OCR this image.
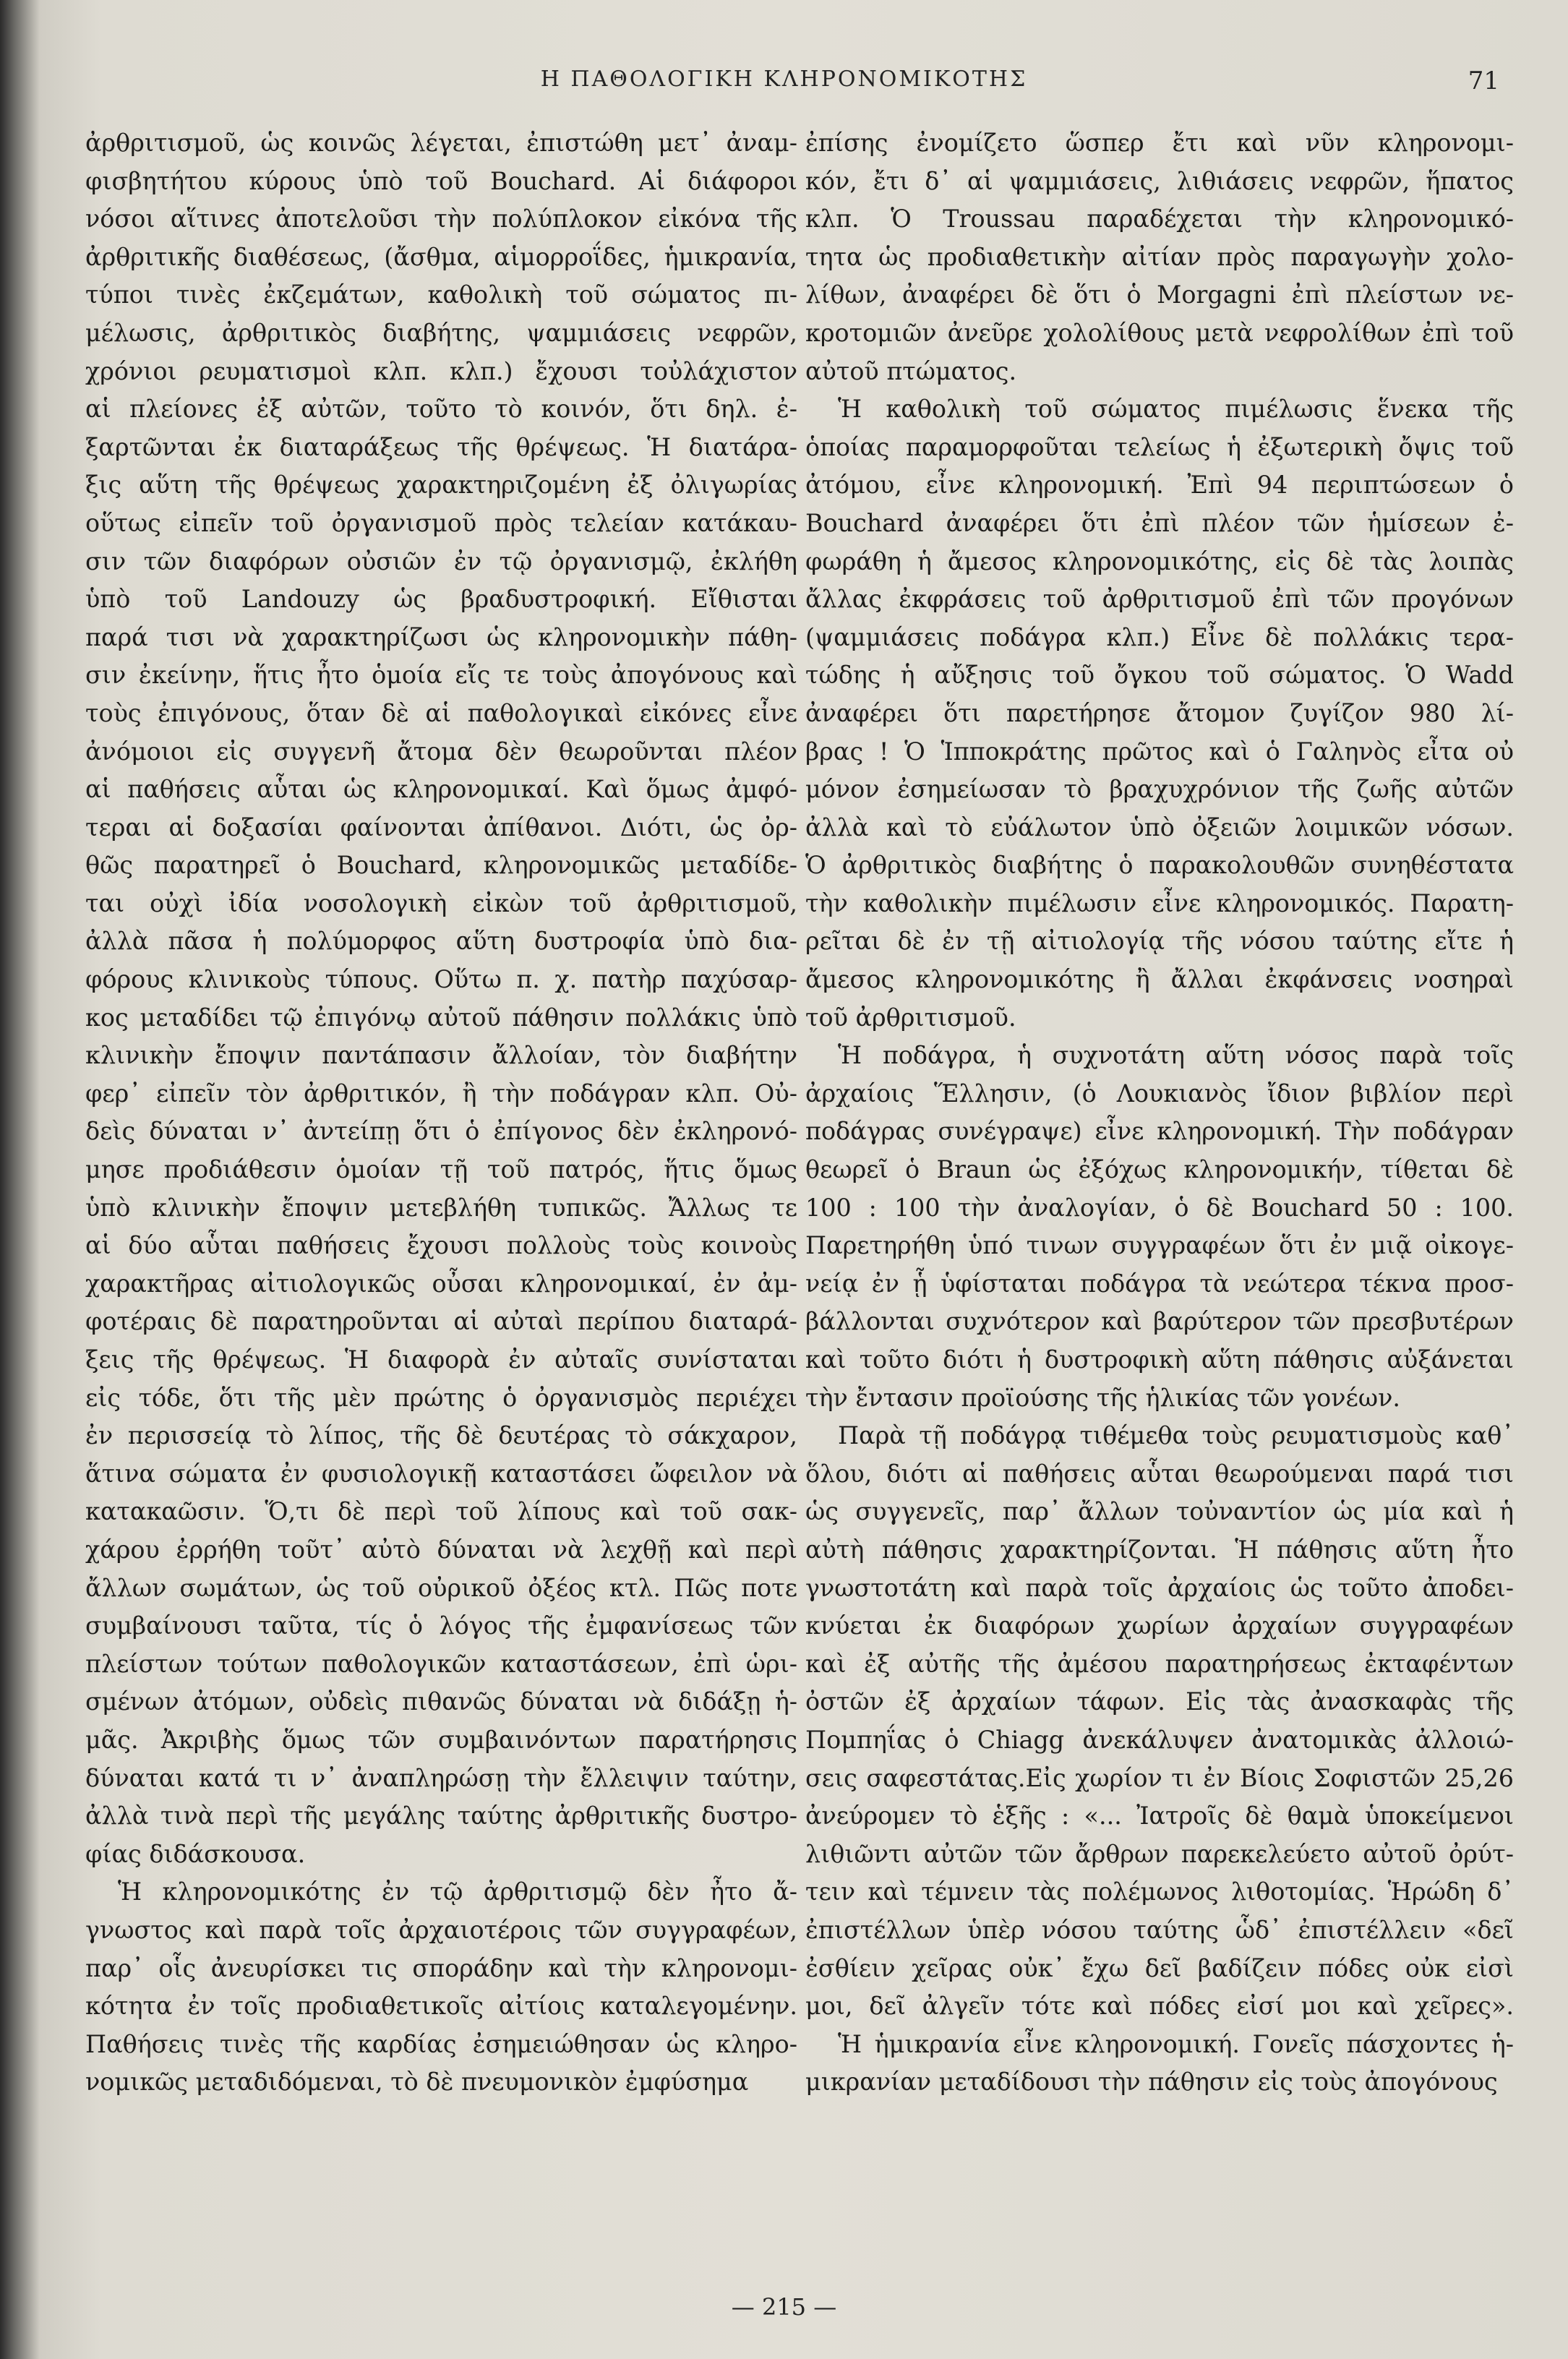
Η ΠΑΘΟΛΟΓΙΚΗ ΚΛΗΡΟΝΟΜΙΚΟΤΗΣ	71
ἀρθριτισμοῦ, ὡς κοινῶς λέγεται, ἐπιστώθη μετ᾽ ἀναμ-
φισβητήτου κύρους ὑπὸ τοῦ Bouchard. Αἱ διάφοροι
νόσοι αἵτινες ἀποτελοῦσι τὴν πολύπλοκον εἰκόνα τῆς
ἀρθριτικῆς διαθέσεως, (ἄσθμα, αἱμορροΐδες, ἡμικρανία,
τύποι τινὲς ἐκζεμάτων, καθολικὴ τοῦ σώματος πι-
μέλωσις, ἀρθριτικὸς διαβήτης, ψαμμιάσεις νεφρῶν,
χρόνιοι ρευματισμοὶ κλπ. κλπ.) ἔχουσι τοὐλάχιστον
αἱ πλείονες ἐξ αὐτῶν, τοῦτο τὸ κοινόν, ὅτι δηλ. ἐ-
ξαρτῶνται ἐκ διαταράξεως τῆς θρέψεως. Ἡ διατάρα-
ξις αὕτη τῆς θρέψεως χαρακτηριζομένη ἐξ ὀλιγωρίας
οὕτως εἰπεῖν τοῦ ὀργανισμοῦ πρὸς τελείαν κατάκαυ-
σιν τῶν διαφόρων οὐσιῶν ἐν τῷ ὀργανισμῷ, ἐκλήθη
ὑπὸ τοῦ Landouzy ὡς βραδυστροφική. Εἴθισται
παρά τισι νὰ χαρακτηρίζωσι ὡς κληρονομικὴν πάθη-
σιν ἐκείνην, ἥτις ἦτο ὁμοία εἴς τε τοὺς ἀπογόνους καὶ
τοὺς ἐπιγόνους, ὅταν δὲ αἱ παθολογικαὶ εἰκόνες εἶνε
ἀνόμοιοι εἰς συγγενῆ ἄτομα δὲν θεωροῦνται πλέον
αἱ παθήσεις αὗται ὡς κληρονομικαί. Καὶ ὅμως ἀμφό-
τεραι αἱ δοξασίαι φαίνονται ἀπίθανοι. Διότι, ὡς ὀρ-
θῶς παρατηρεῖ ὁ Bouchard, κληρονομικῶς μεταδίδε-
ται οὐχὶ ἰδία νοσολογικὴ εἰκὼν τοῦ ἀρθριτισμοῦ,
ἀλλὰ πᾶσα ἡ πολύμορφος αὕτη δυστροφία ὑπὸ δια-
φόρους κλινικοὺς τύπους. Οὕτω π. χ. πατὴρ παχύσαρ-
κος μεταδίδει τῷ ἐπιγόνῳ αὐτοῦ πάθησιν πολλάκις ὑπὸ
κλινικὴν ἔποψιν παντάπασιν ἄλλοίαν, τὸν διαβήτην
φερ᾽ εἰπεῖν τὸν ἀρθριτικόν, ἢ τὴν ποδάγραν κλπ. Οὐ-
δεὶς δύναται ν᾽ ἀντείπῃ ὅτι ὁ ἐπίγονος δὲν ἐκληρονό-
μησε προδιάθεσιν ὁμοίαν τῇ τοῦ πατρός, ἥτις ὅμως
ὑπὸ κλινικὴν ἔποψιν μετεβλήθη τυπικῶς. Ἄλλως τε
αἱ δύο αὗται παθήσεις ἔχουσι πολλοὺς τοὺς κοινοὺς
χαρακτῆρας αἰτιολογικῶς οὖσαι κληρονομικαί, ἐν ἀμ-
φοτέραις δὲ παρατηροῦνται αἱ αὐταὶ περίπου διαταρά-
ξεις τῆς θρέψεως. Ἡ διαφορὰ ἐν αὐταῖς συνίσταται
εἰς τόδε, ὅτι τῆς μὲν πρώτης ὁ ὀργανισμὸς περιέχει
ἐν περισσείᾳ τὸ λίπος, τῆς δὲ δευτέρας τὸ σάκχαρον,
ἅτινα σώματα ἐν φυσιολογικῇ καταστάσει ὤφειλον νὰ
κατακαῶσιν. Ὅ,τι δὲ περὶ τοῦ λίπους καὶ τοῦ σακ-
χάρου ἐρρήθη τοῦτ᾽ αὐτὸ δύναται νὰ λεχθῇ καὶ περὶ
ἄλλων σωμάτων, ὡς τοῦ οὐρικοῦ ὀξέος κτλ. Πῶς ποτε
συμβαίνουσι ταῦτα, τίς ὁ λόγος τῆς ἐμφανίσεως τῶν
πλείστων τούτων παθολογικῶν καταστάσεων, ἐπὶ ὡρι-
σμένων ἀτόμων, οὐδεὶς πιθανῶς δύναται νὰ διδάξῃ ἡ-
μᾶς. Ἀκριβὴς ὅμως τῶν συμβαινόντων παρατήρησις
δύναται κατά τι ν᾽ ἀναπληρώσῃ τὴν ἔλλειψιν ταύτην,
ἀλλὰ τινὰ περὶ τῆς μεγάλης ταύτης ἀρθριτικῆς δυστρο-
φίας διδάσκουσα.
Ἡ κληρονομικότης ἐν τῷ ἀρθριτισμῷ δὲν ἦτο ἄ-
γνωστος καὶ παρὰ τοῖς ἀρχαιοτέροις τῶν συγγραφέων,
παρ᾽ οἷς ἀνευρίσκει τις σποράδην καὶ τὴν κληρονομι-
κότητα ἐν τοῖς προδιαθετικοῖς αἰτίοις καταλεγομένην.
Παθήσεις τινὲς τῆς καρδίας ἐσημειώθησαν ὡς κληρο-
νομικῶς μεταδιδόμεναι, τὸ δὲ πνευμονικὸν ἐμφύσημα
ἐπίσης ἐνομίζετο ὥσπερ ἔτι καὶ νῦν κληρονομι-
κόν, ἔτι δ᾽ αἱ ψαμμιάσεις, λιθιάσεις νεφρῶν, ἥπατος
κλπ. Ὁ Troussau παραδέχεται τὴν κληρονομικό-
τητα ὡς προδιαθετικὴν αἰτίαν πρὸς παραγωγὴν χολο-
λίθων, ἀναφέρει δὲ ὅτι ὁ Morgagni ἐπὶ πλείστων νε-
κροτομιῶν ἀνεῦρε χολολίθους μετὰ νεφρολίθων ἐπὶ τοῦ
αὐτοῦ πτώματος.
Ἡ καθολικὴ τοῦ σώματος πιμέλωσις ἕνεκα τῆς
ὁποίας παραμορφοῦται τελείως ἡ ἐξωτερικὴ ὄψις τοῦ
ἀτόμου, εἶνε κληρονομική. Ἐπὶ 94 περιπτώσεων ὁ
Bouchard ἀναφέρει ὅτι ἐπὶ πλέον τῶν ἡμίσεων ἐ-
φωράθη ἡ ἄμεσος κληρονομικότης, εἰς δὲ τὰς λοιπὰς
ἄλλας ἐκφράσεις τοῦ ἀρθριτισμοῦ ἐπὶ τῶν προγόνων
(ψαμμιάσεις ποδάγρα κλπ.) Εἶνε δὲ πολλάκις τερα-
τώδης ἡ αὔξησις τοῦ ὄγκου τοῦ σώματος. Ὁ Wadd
ἀναφέρει ὅτι παρετήρησε ἄτομον ζυγίζον 980 λί-
βρας ! Ὁ Ἱπποκράτης πρῶτος καὶ ὁ Γαληνὸς εἶτα οὐ
μόνον ἐσημείωσαν τὸ βραχυχρόνιον τῆς ζωῆς αὐτῶν
ἀλλὰ καὶ τὸ εὐάλωτον ὑπὸ ὀξειῶν λοιμικῶν νόσων.
Ὁ ἀρθριτικὸς διαβήτης ὁ παρακολουθῶν συνηθέστατα
τὴν καθολικὴν πιμέλωσιν εἶνε κληρονομικός. Παρατη-
ρεῖται δὲ ἐν τῇ αἰτιολογίᾳ τῆς νόσου ταύτης εἴτε ἡ
ἄμεσος κληρονομικότης ἢ ἄλλαι ἐκφάνσεις νοσηραὶ
τοῦ ἀρθριτισμοῦ.
Ἡ ποδάγρα, ἡ συχνοτάτη αὕτη νόσος παρὰ τοῖς
ἀρχαίοις Ἕλλησιν, (ὁ Λουκιανὸς ἴδιον βιβλίον περὶ
ποδάγρας συνέγραψε) εἶνε κληρονομική. Τὴν ποδάγραν
θεωρεῖ ὁ Braun ὡς ἐξόχως κληρονομικήν, τίθεται δὲ
100 : 100 τὴν ἀναλογίαν, ὁ δὲ Bouchard 50 : 100.
Παρετηρήθη ὑπό τινων συγγραφέων ὅτι ἐν μιᾷ οἰκογε-
νείᾳ ἐν ᾗ ὑφίσταται ποδάγρα τὰ νεώτερα τέκνα προσ-
βάλλονται συχνότερον καὶ βαρύτερον τῶν πρεσβυτέρων
καὶ τοῦτο διότι ἡ δυστροφικὴ αὕτη πάθησις αὐξάνεται
τὴν ἔντασιν προϊούσης τῆς ἡλικίας τῶν γονέων.
Παρὰ τῇ ποδάγρᾳ τιθέμεθα τοὺς ρευματισμοὺς καθ᾽
ὅλου, διότι αἱ παθήσεις αὗται θεωρούμεναι παρά τισι
ὡς συγγενεῖς, παρ᾽ ἄλλων τοὐναντίον ὡς μία καὶ ἡ
αὐτὴ πάθησις χαρακτηρίζονται. Ἡ πάθησις αὕτη ἦτο
γνωστοτάτη καὶ παρὰ τοῖς ἀρχαίοις ὡς τοῦτο ἀποδει-
κνύεται ἐκ διαφόρων χωρίων ἀρχαίων συγγραφέων
καὶ ἐξ αὐτῆς τῆς ἀμέσου παρατηρήσεως ἐκταφέντων
ὀστῶν ἐξ ἀρχαίων τάφων. Εἰς τὰς ἀνασκαφὰς τῆς
Πομπηΐας ὁ Chiagg ἀνεκάλυψεν ἀνατομικὰς ἀλλοιώ-
σεις σαφεστάτας.Εἰς χωρίον τι ἐν Βίοις Σοφιστῶν 25,26
ἀνεύρομεν τὸ ἑξῆς : «... Ἰατροῖς δὲ θαμὰ ὑποκείμενοι
λιθιῶντι αὐτῶν τῶν ἄρθρων παρεκελεύετο αὐτοῦ ὀρύτ-
τειν καὶ τέμνειν τὰς πολέμωνος λιθοτομίας. Ἡρώδη δ᾽
ἐπιστέλλων ὑπὲρ νόσου ταύτης ὧδ᾽ ἐπιστέλλειν «δεῖ
ἐσθίειν χεῖρας οὐκ᾽ ἔχω δεῖ βαδίζειν πόδες οὐκ εἰσὶ
μοι, δεῖ ἀλγεῖν τότε καὶ πόδες εἰσί μοι καὶ χεῖρες».
Ἡ ἡμικρανία εἶνε κληρονομική. Γονεῖς πάσχοντες ἡ-
μικρανίαν μεταδίδουσι τὴν πάθησιν εἰς τοὺς ἀπογόνους
— 215 —
